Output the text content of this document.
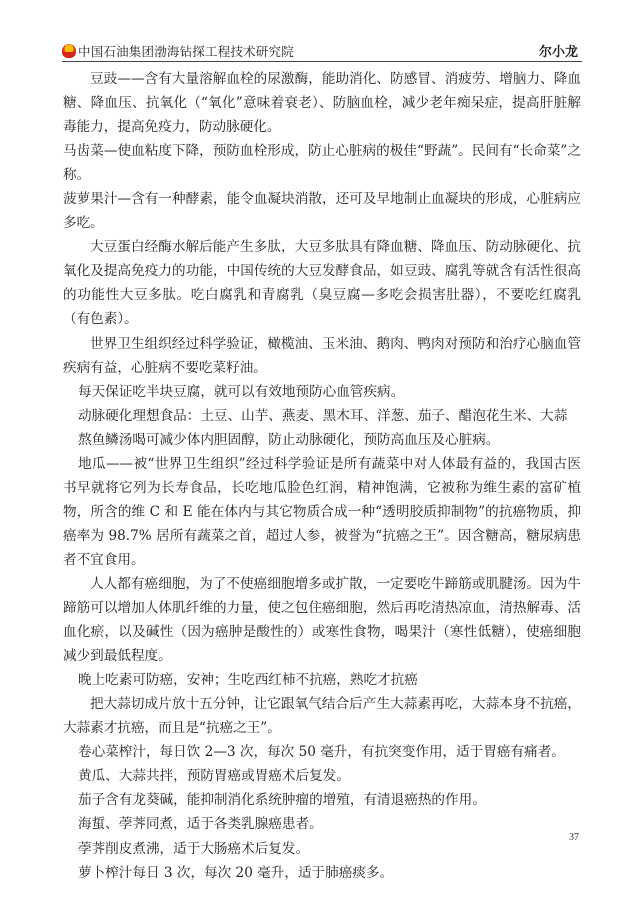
中国石油集团渤海钻探工程技术研究院	尔小龙

豆豉——含有大量溶解血栓的尿激酶，能助消化、防感冒、消疲劳、增脑力、降血糖、降血压、抗氧化（“氧化”意味着衰老）、防脑血栓，减少老年痴呆症，提高肝脏解毒能力，提高免疫力，防动脉硬化。

马齿菜—使血粘度下降，预防血栓形成，防止心脏病的极佳“野蔬”。民间有“长命菜”之称。

菠萝果汁—含有一种酵素，能令血凝块消散，还可及早地制止血凝块的形成，心脏病应多吃。

大豆蛋白经酶水解后能产生多肽，大豆多肽具有降血糖、降血压、防动脉硬化、抗氧化及提高免疫力的功能，中国传统的大豆发酵食品，如豆豉、腐乳等就含有活性很高的功能性大豆多肽。吃白腐乳和青腐乳（臭豆腐—多吃会损害肚器），不要吃红腐乳（有色素）。

世界卫生组织经过科学验证，橄榄油、玉米油、鹅肉、鸭肉对预防和治疗心脑血管疾病有益，心脏病不要吃菜籽油。

每天保证吃半块豆腐，就可以有效地预防心血管疾病。

动脉硬化理想食品：土豆、山芋、燕麦、黑木耳、洋葱、茄子、醋泡花生米、大蒜

熬鱼鳞汤喝可减少体内胆固醇，防止动脉硬化，预防高血压及心脏病。

地瓜——被“世界卫生组织”经过科学验证是所有蔬菜中对人体最有益的，我国古医书早就将它列为长寿食品，长吃地瓜脸色红润，精神饱满，它被称为维生素的富矿植物，所含的维 C 和 E 能在体内与其它物质合成一种“透明胶质抑制物”的抗癌物质，抑癌率为 98.7% 居所有蔬菜之首，超过人参，被誉为“抗癌之王”。因含糖高，糖尿病患者不宜食用。

人人都有癌细胞，为了不使癌细胞增多或扩散，一定要吃牛蹄筋或肌腱汤。因为牛蹄筋可以增加人体肌纤维的力量，使之包住癌细胞，然后再吃清热凉血，清热解毒、活血化瘀，以及碱性（因为癌肿是酸性的）或寒性食物，喝果汁（寒性低糖），使癌细胞减少到最低程度。

晚上吃素可防癌，安神；生吃西红柿不抗癌，熟吃才抗癌

把大蒜切成片放十五分钟，让它跟氧气结合后产生大蒜素再吃，大蒜本身不抗癌，大蒜素才抗癌，而且是“抗癌之王”。

卷心菜榨汁，每日饮 2—3 次，每次 50 毫升，有抗突变作用，适于胃癌有痛者。

黄瓜、大蒜共拌，预防胃癌或胃癌术后复发。

茄子含有龙葵碱，能抑制消化系统肿瘤的增殖，有清退癌热的作用。

海蜇、荸荠同煮，适于各类乳腺癌患者。

荸荠削皮煮沸，适于大肠癌术后复发。

萝卜榨汁每日 3 次，每次 20 毫升，适于肺癌痰多。

37
